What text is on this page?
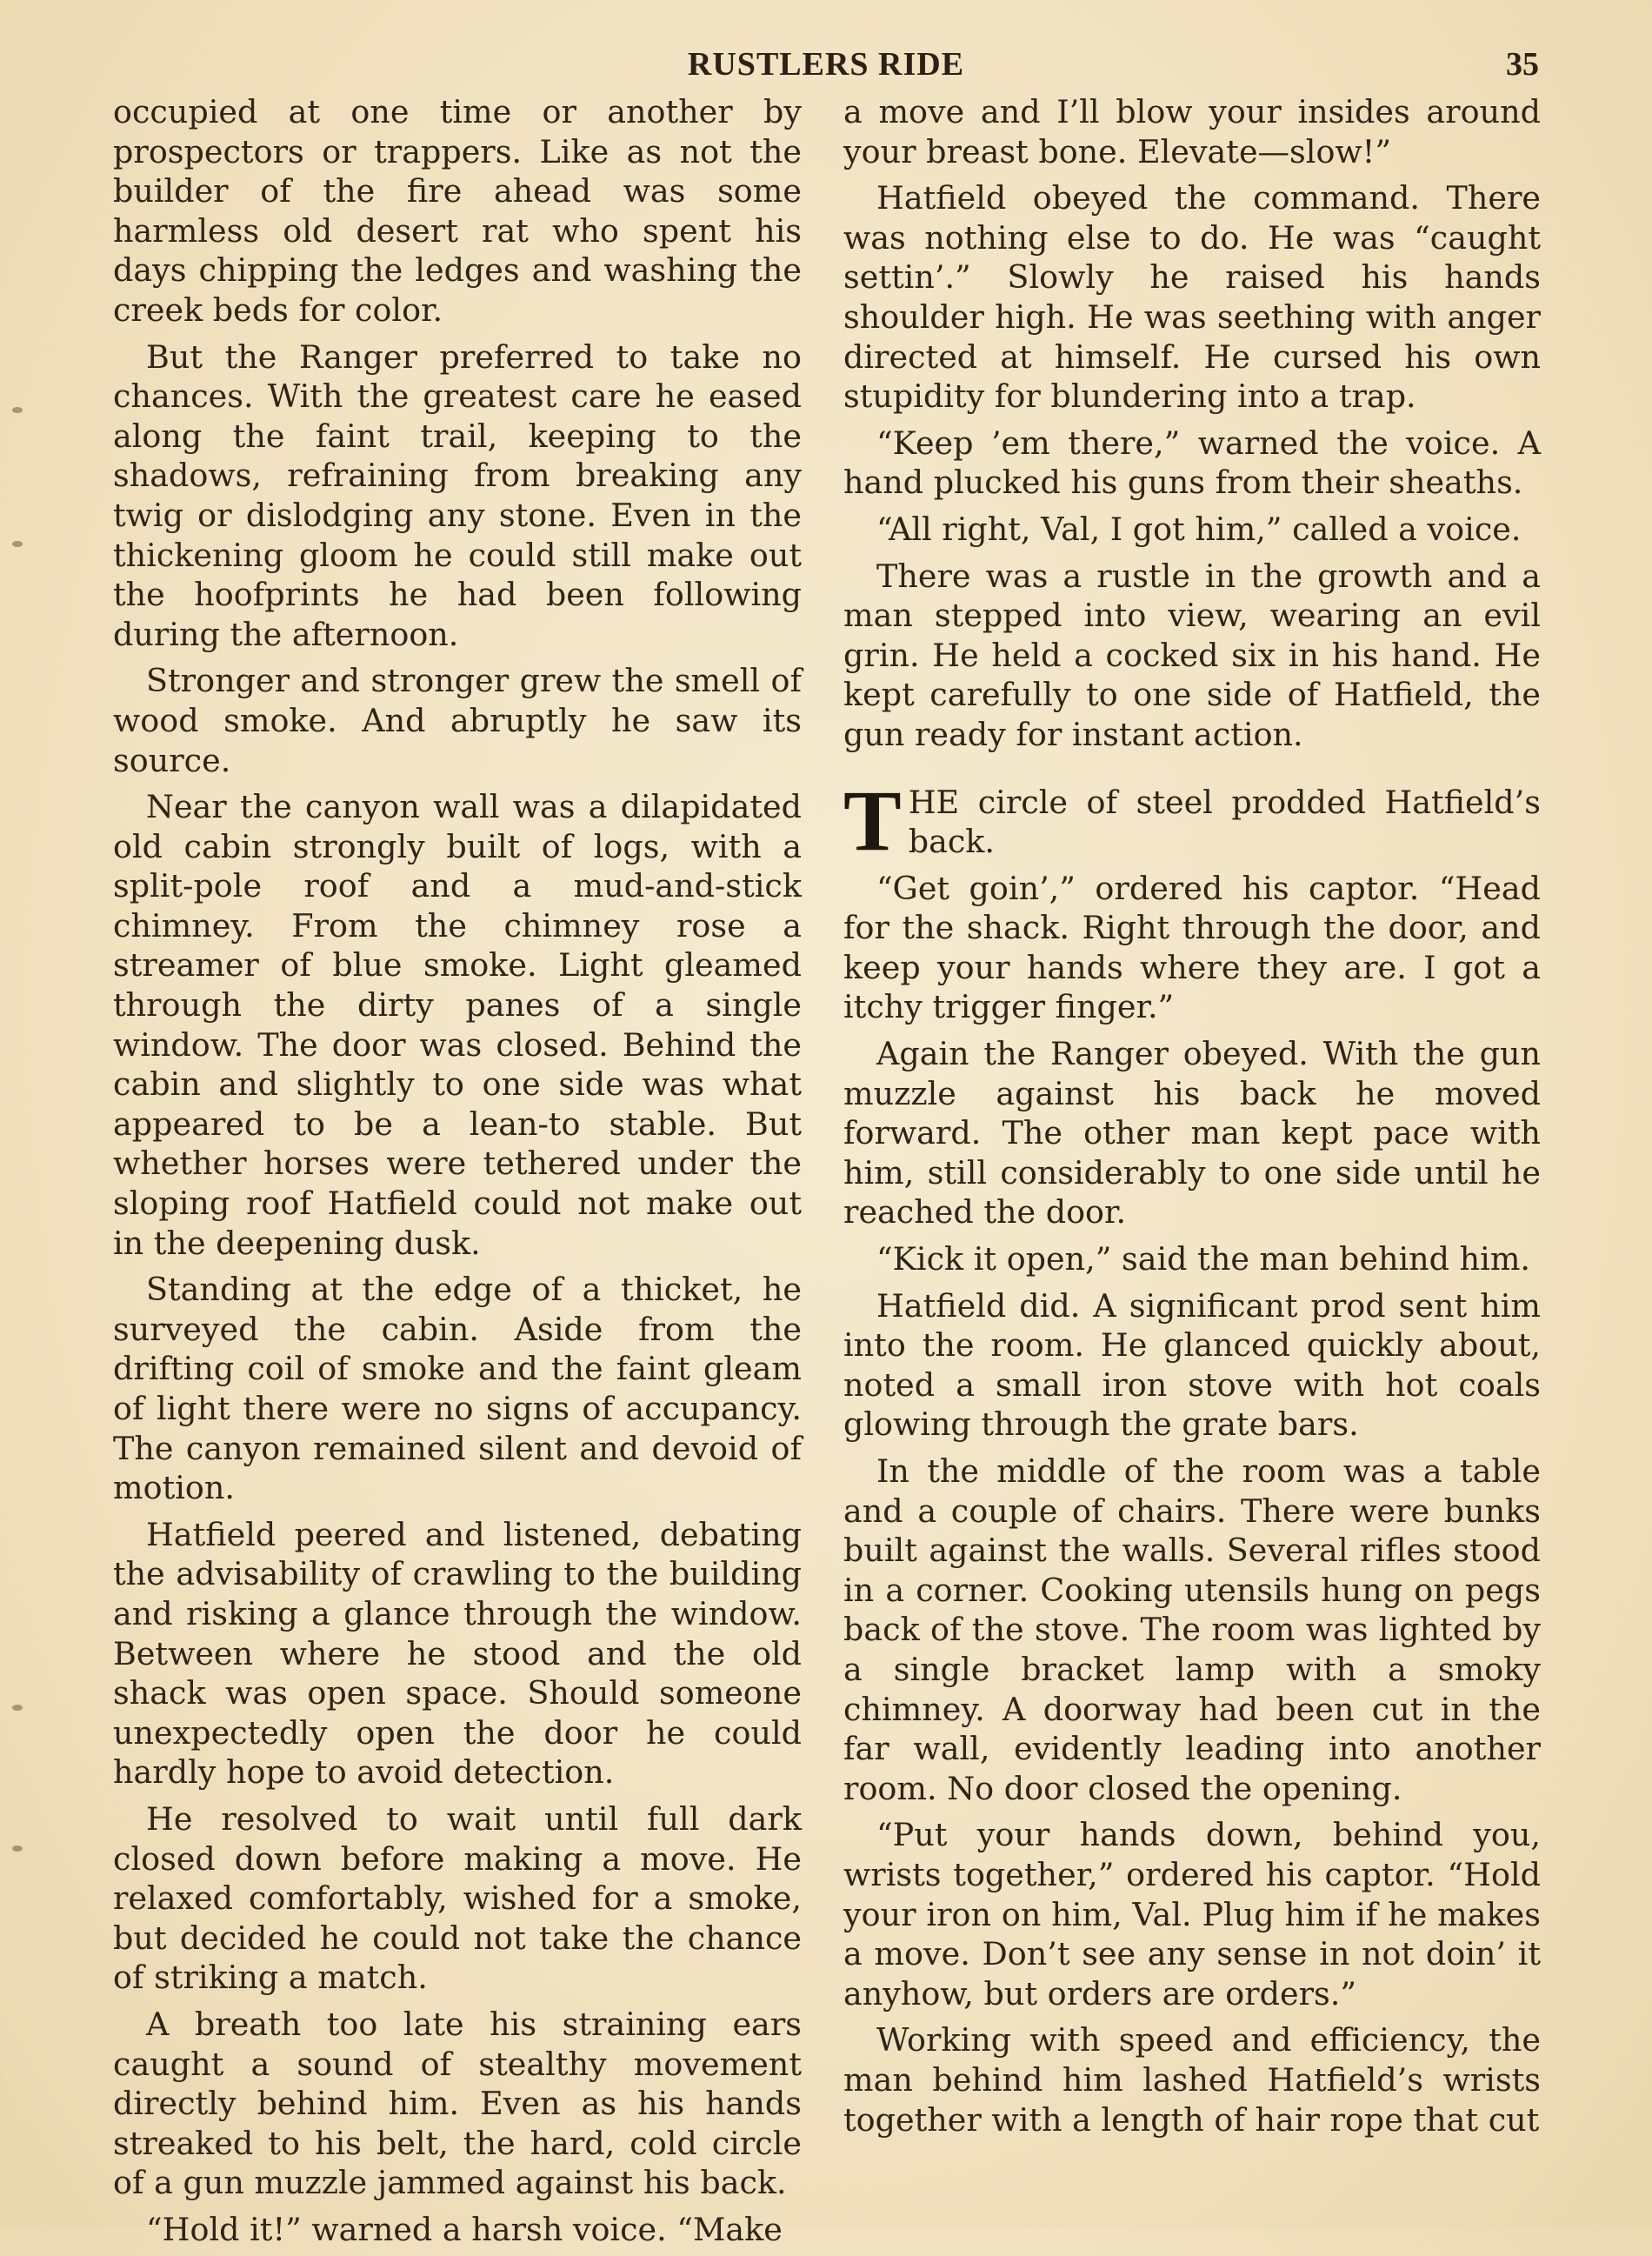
RUSTLERS RIDE	35

occupied at one time or another by prospectors or trappers. Like as not the builder of the fire ahead was some harmless old desert rat who spent his days chipping the ledges and washing the creek beds for color.

But the Ranger preferred to take no chances. With the greatest care he eased along the faint trail, keeping to the shadows, refraining from breaking any twig or dislodging any stone. Even in the thickening gloom he could still make out the hoofprints he had been following during the afternoon.

Stronger and stronger grew the smell of wood smoke. And abruptly he saw its source.

Near the canyon wall was a dilapidated old cabin strongly built of logs, with a split-pole roof and a mud-and-stick chimney. From the chimney rose a streamer of blue smoke. Light gleamed through the dirty panes of a single window. The door was closed. Behind the cabin and slightly to one side was what appeared to be a lean-to stable. But whether horses were tethered under the sloping roof Hatfield could not make out in the deepening dusk.

Standing at the edge of a thicket, he surveyed the cabin. Aside from the drifting coil of smoke and the faint gleam of light there were no signs of accupancy. The canyon remained silent and devoid of motion.

Hatfield peered and listened, debating the advisability of crawling to the building and risking a glance through the window. Between where he stood and the old shack was open space. Should someone unexpectedly open the door he could hardly hope to avoid detection.

He resolved to wait until full dark closed down before making a move. He relaxed comfortably, wished for a smoke, but decided he could not take the chance of striking a match.

A breath too late his straining ears caught a sound of stealthy movement directly behind him. Even as his hands streaked to his belt, the hard, cold circle of a gun muzzle jammed against his back.

“Hold it!” warned a harsh voice. “Make

a move and I’ll blow your insides around your breast bone. Elevate—slow!”

Hatfield obeyed the command. There was nothing else to do. He was “caught settin’.” Slowly he raised his hands shoulder high. He was seething with anger directed at himself. He cursed his own stupidity for blundering into a trap.

“Keep ’em there,” warned the voice. A hand plucked his guns from their sheaths.

“All right, Val, I got him,” called a voice.

There was a rustle in the growth and a man stepped into view, wearing an evil grin. He held a cocked six in his hand. He kept carefully to one side of Hatfield, the gun ready for instant action.

THE circle of steel prodded Hatfield’s back.

“Get goin’,” ordered his captor. “Head for the shack. Right through the door, and keep your hands where they are. I got a itchy trigger finger.”

Again the Ranger obeyed. With the gun muzzle against his back he moved forward. The other man kept pace with him, still considerably to one side until he reached the door.

“Kick it open,” said the man behind him.

Hatfield did. A significant prod sent him into the room. He glanced quickly about, noted a small iron stove with hot coals glowing through the grate bars.

In the middle of the room was a table and a couple of chairs. There were bunks built against the walls. Several rifles stood in a corner. Cooking utensils hung on pegs back of the stove. The room was lighted by a single bracket lamp with a smoky chimney. A doorway had been cut in the far wall, evidently leading into another room. No door closed the opening.

“Put your hands down, behind you, wrists together,” ordered his captor. “Hold your iron on him, Val. Plug him if he makes a move. Don’t see any sense in not doin’ it anyhow, but orders are orders.”

Working with speed and efficiency, the man behind him lashed Hatfield’s wrists together with a length of hair rope that cut
